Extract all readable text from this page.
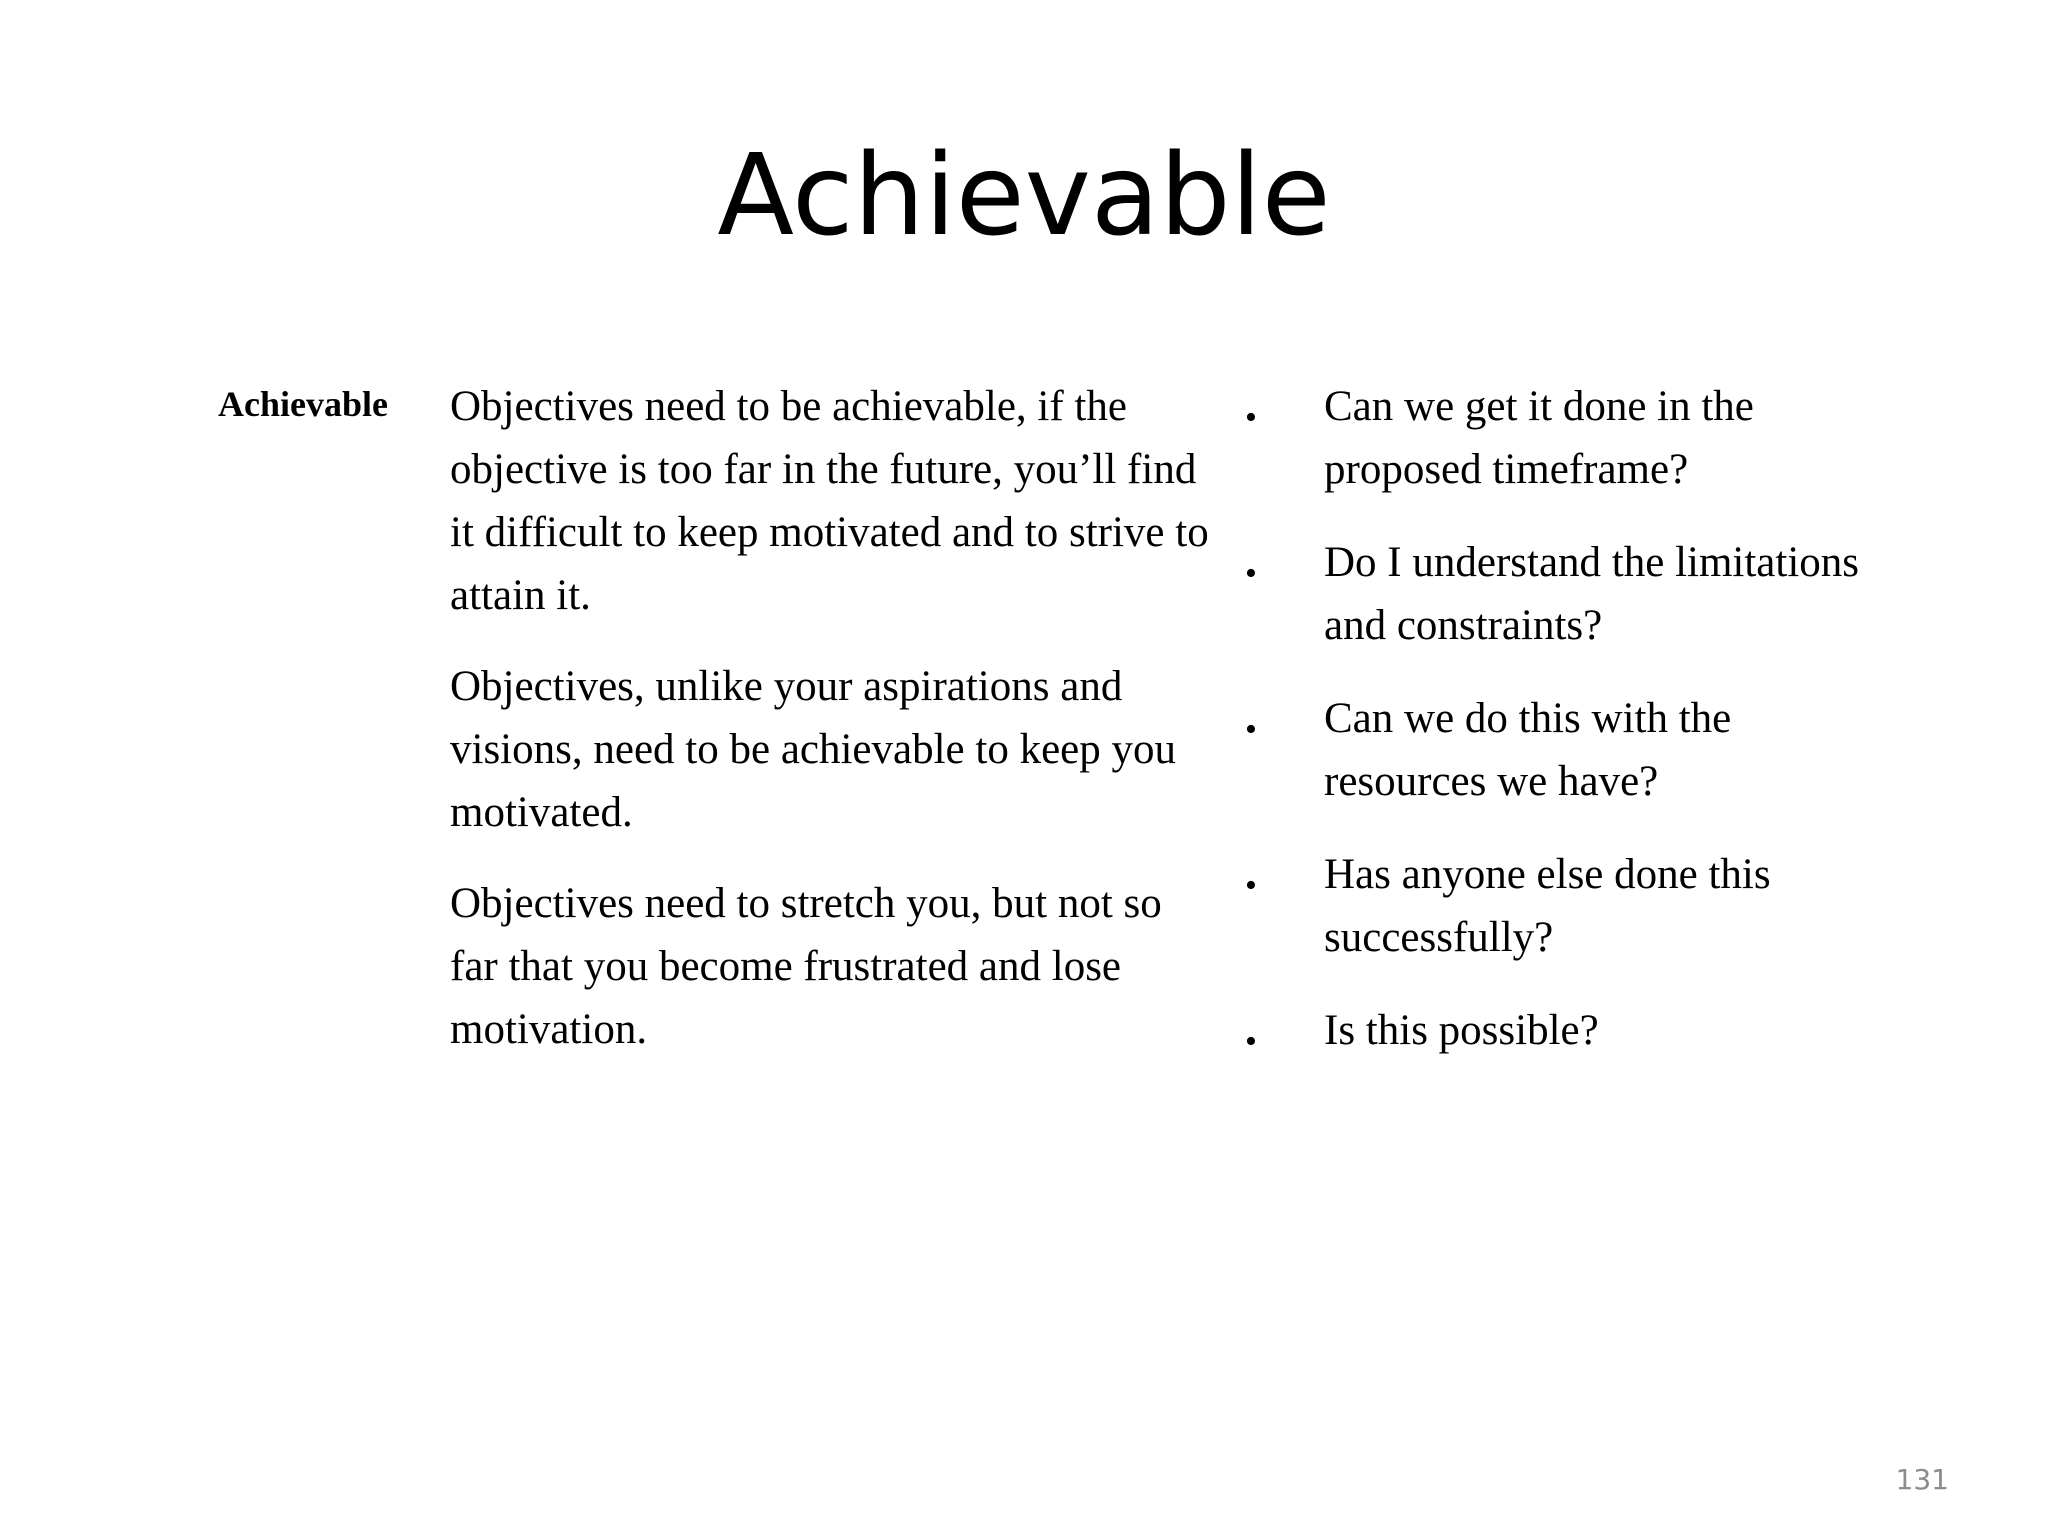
Achievable
Achievable Objectives need to be achievable, if the objective is too far in the future, you’ll find it difficult to keep motivated and to strive to attain it.

Objectives, unlike your aspirations and visions, need to be achievable to keep you motivated.

Objectives need to stretch you, but not so far that you become frustrated and lose motivation.

• Can we get it done in the proposed timeframe?
• Do I understand the limitations and constraints?
• Can we do this with the resources we have?
• Has anyone else done this successfully?
• Is this possible?
131
